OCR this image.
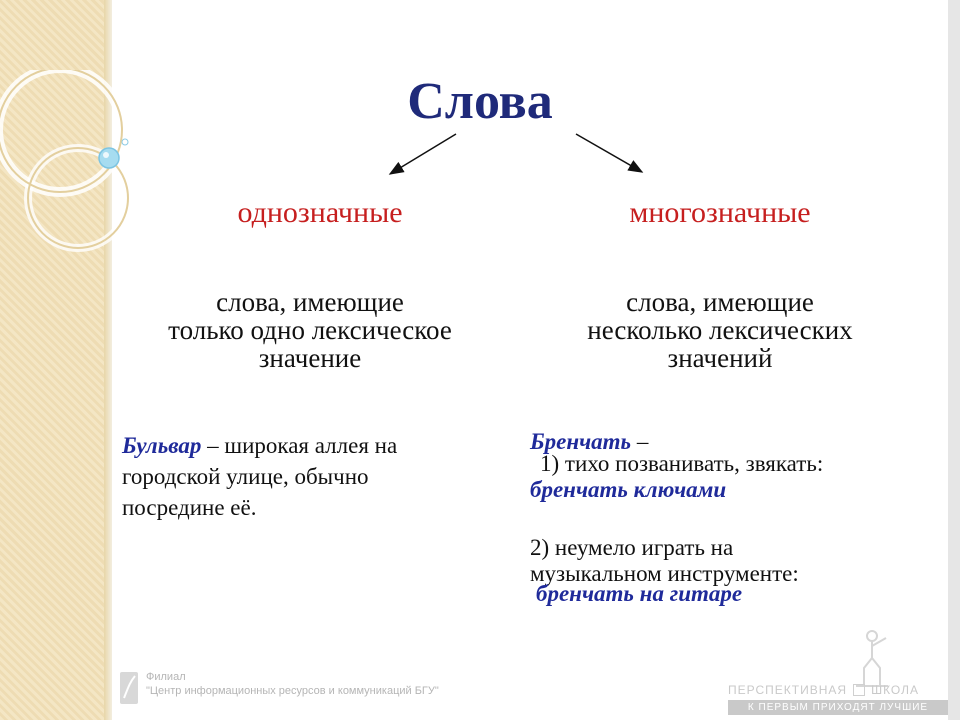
Слова
однозначные	многозначные
слова, имеющие
только одно лексическое
значение
слова, имеющие
несколько лексических
значений
Бульвар – широкая аллея на
городской улице, обычно
посредине её.
Бренчать –
1) тихо позванивать, звякать:
бренчать ключами
2) неумело играть на
музыкальном инструменте:
бренчать на гитаре
Филиал
"Центр информационных ресурсов и коммуникаций БГУ"	ПЕРСПЕКТИВНАЯ ШКОЛА
К ПЕРВЫМ ПРИХОДЯТ ЛУЧШИЕ
